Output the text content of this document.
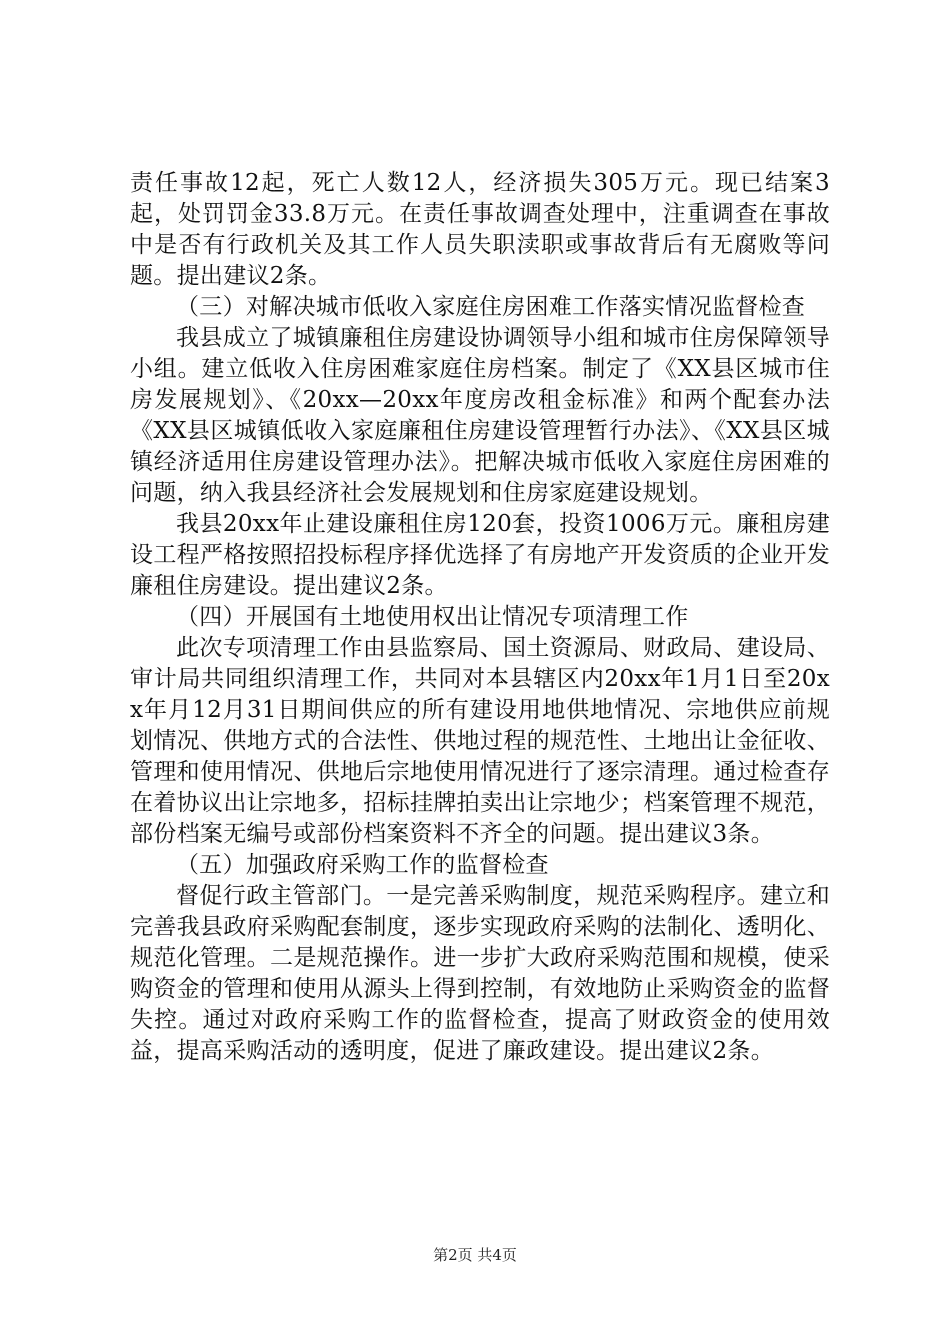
责任事故12起，死亡人数12人，经济损失305万元。现已结案3起，处罚罚金33.8万元。在责任事故调查处理中，注重调查在事故中是否有行政机关及其工作人员失职渎职或事故背后有无腐败等问题。提出建议2条。

（三）对解决城市低收入家庭住房困难工作落实情况监督检查

我县成立了城镇廉租住房建设协调领导小组和城市住房保障领导小组。建立低收入住房困难家庭住房档案。制定了《XX县区城市住房发展规划》、《20xx—20xx年度房改租金标准》和两个配套办法《XX县区城镇低收入家庭廉租住房建设管理暂行办法》、《XX县区城镇经济适用住房建设管理办法》。把解决城市低收入家庭住房困难的问题，纳入我县经济社会发展规划和住房家庭建设规划。

我县20xx年止建设廉租住房120套，投资1006万元。廉租房建设工程严格按照招投标程序择优选择了有房地产开发资质的企业开发廉租住房建设。提出建议2条。

（四）开展国有土地使用权出让情况专项清理工作

此次专项清理工作由县监察局、国土资源局、财政局、建设局、审计局共同组织清理工作，共同对本县辖区内20xx年1月1日至20xx年月12月31日期间供应的所有建设用地供地情况、宗地供应前规划情况、供地方式的合法性、供地过程的规范性、土地出让金征收、管理和使用情况、供地后宗地使用情况进行了逐宗清理。通过检查存在着协议出让宗地多，招标挂牌拍卖出让宗地少；档案管理不规范，部份档案无编号或部份档案资料不齐全的问题。提出建议3条。

（五）加强政府采购工作的监督检查

督促行政主管部门。一是完善采购制度，规范采购程序。建立和完善我县政府采购配套制度，逐步实现政府采购的法制化、透明化、规范化管理。二是规范操作。进一步扩大政府采购范围和规模，使采购资金的管理和使用从源头上得到控制，有效地防止采购资金的监督失控。通过对政府采购工作的监督检查，提高了财政资金的使用效益，提高采购活动的透明度，促进了廉政建设。提出建议2条。

第2页 共4页
